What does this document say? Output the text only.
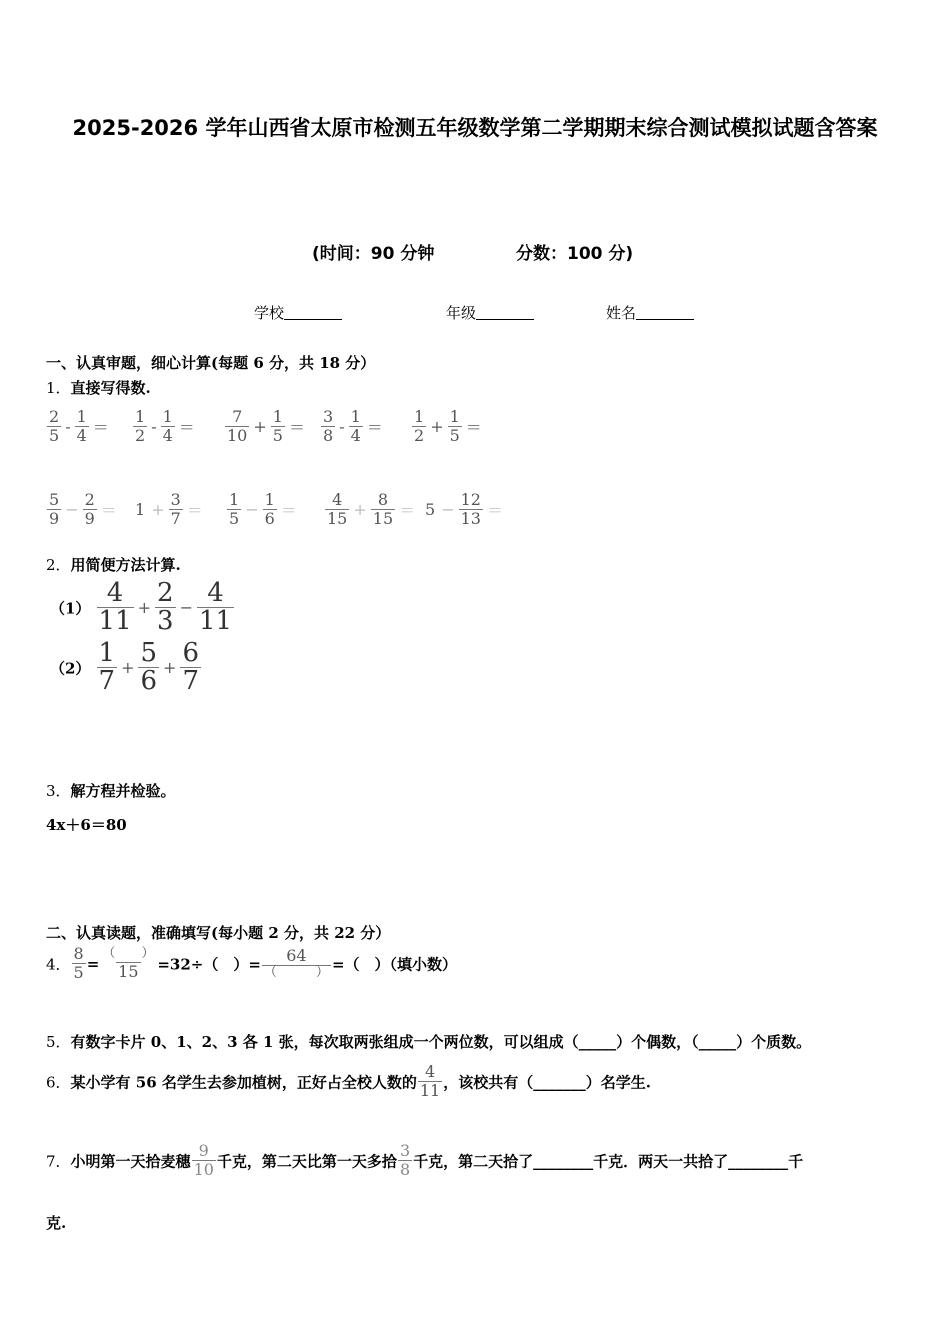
2025-2026 学年山西省太原市检测五年级数学第二学期期末综合测试模拟试题含答案
(时间：90 分钟	分数：100 分)
学校	年级	姓名
一、认真审题，细心计算(每题 6 分，共 18 分）
1．直接写得数.
$\frac{2}{5} - \frac{1}{4} = \frac{1}{2} - \frac{1}{4} = \frac{7}{10} + \frac{1}{5} = \frac{3}{8} - \frac{1}{4} = \frac{1}{2} + \frac{1}{5}$ ＝
$\frac{5}{9} - \frac{2}{9} = 1 + \frac{3}{7} = \frac{1}{5} - \frac{1}{6} = \frac{4}{15} + \frac{8}{15} = 5 - \frac{12}{13}$ ＝
2．用简便方法计算.
$(1) \frac{4}{11} + \frac{2}{3} - \frac{4}{11}$
$(2) \frac{1}{7} + \frac{5}{6} + \frac{6}{7}$
3．解方程并检验。
4x＋6＝80
二、认真读题，准确填写(每小题 2 分，共 22 分）
4． $\frac{8}{5} = \frac{( )}{15} =32\div$（　）= $\frac{64}{( )}$ =（　）（填小数）
5．有数字卡片 0、1、2、3 各 1 张，每次取两张组成一个两位数，可以组成（_____）个偶数，（_____）个质数。
6．某小学有 56 名学生去参加植树，正好占全校人数的 $\frac{4}{11}$ ，该校共有（_______）名学生.
7．小明第一天拾麦穗 $\frac{9}{10}$ 千克，第二天比第一天多拾 $\frac{3}{8}$ 千克，第二天拾了________千克．两天一共拾了________千
克.
